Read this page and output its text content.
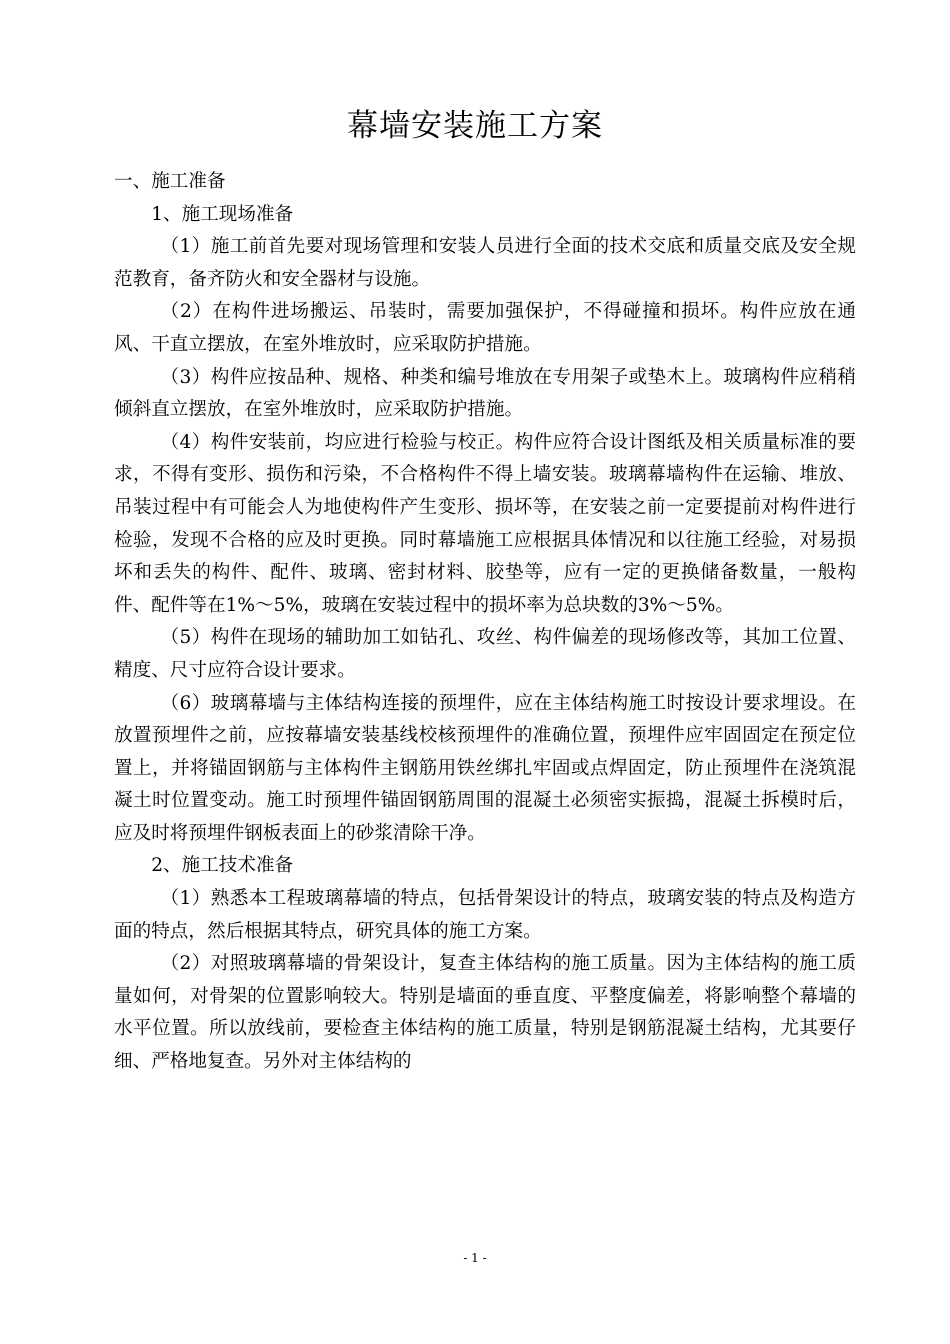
幕墙安装施工方案

一、施工准备

1、施工现场准备

（1）施工前首先要对现场管理和安装人员进行全面的技术交底和质量交底及安全规范教育，备齐防火和安全器材与设施。

（2）在构件进场搬运、吊装时，需要加强保护，不得碰撞和损坏。构件应放在通风、干直立摆放，在室外堆放时，应采取防护措施。

（3）构件应按品种、规格、种类和编号堆放在专用架子或垫木上。玻璃构件应稍稍倾斜直立摆放，在室外堆放时，应采取防护措施。

（4）构件安装前，均应进行检验与校正。构件应符合设计图纸及相关质量标准的要求，不得有变形、损伤和污染，不合格构件不得上墙安装。玻璃幕墙构件在运输、堆放、吊装过程中有可能会人为地使构件产生变形、损坏等，在安装之前一定要提前对构件进行检验，发现不合格的应及时更换。同时幕墙施工应根据具体情况和以往施工经验，对易损坏和丢失的构件、配件、玻璃、密封材料、胶垫等，应有一定的更换储备数量，一般构件、配件等在1%～5%，玻璃在安装过程中的损坏率为总块数的3%～5%。

（5）构件在现场的辅助加工如钻孔、攻丝、构件偏差的现场修改等，其加工位置、精度、尺寸应符合设计要求。

（6）玻璃幕墙与主体结构连接的预埋件，应在主体结构施工时按设计要求埋设。在放置预埋件之前，应按幕墙安装基线校核预埋件的准确位置，预埋件应牢固固定在预定位置上，并将锚固钢筋与主体构件主钢筋用铁丝绑扎牢固或点焊固定，防止预埋件在浇筑混凝土时位置变动。施工时预埋件锚固钢筋周围的混凝土必须密实振捣，混凝土拆模时后，应及时将预埋件钢板表面上的砂浆清除干净。

2、施工技术准备

（1）熟悉本工程玻璃幕墙的特点，包括骨架设计的特点，玻璃安装的特点及构造方面的特点，然后根据其特点，研究具体的施工方案。

（2）对照玻璃幕墙的骨架设计，复查主体结构的施工质量。因为主体结构的施工质量如何，对骨架的位置影响较大。特别是墙面的垂直度、平整度偏差，将影响整个幕墙的水平位置。所以放线前，要检查主体结构的施工质量，特别是钢筋混凝土结构，尤其要仔细、严格地复查。另外对主体结构的

- 1 -
